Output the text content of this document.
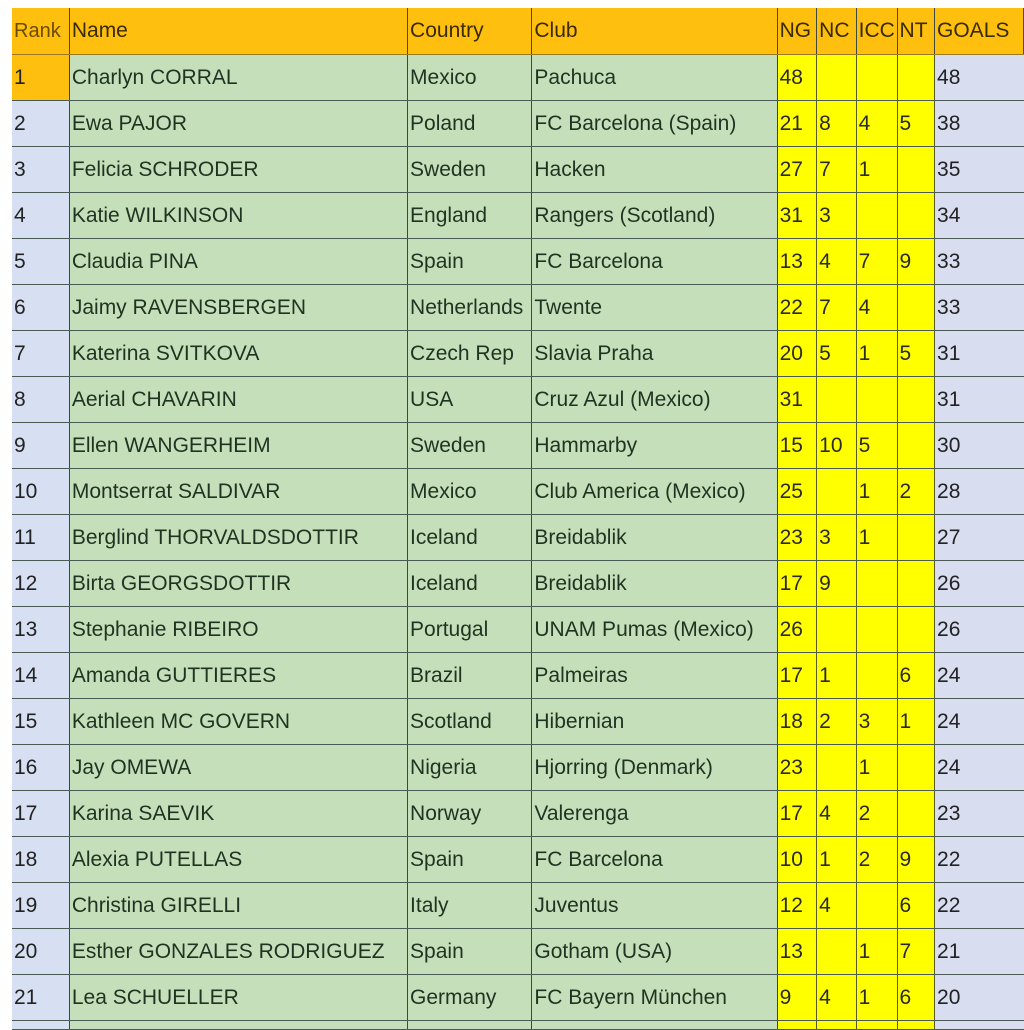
Rank	Name	Country	Club	NG	NC	ICC	NT	GOALS
1	Charlyn CORRAL	Mexico	Pachuca	48				48
2	Ewa PAJOR	Poland	FC Barcelona (Spain)	21	8	4	5	38
3	Felicia SCHRODER	Sweden	Hacken	27	7	1		35
4	Katie WILKINSON	England	Rangers (Scotland)	31	3			34
5	Claudia PINA	Spain	FC Barcelona	13	4	7	9	33
6	Jaimy RAVENSBERGEN	Netherlands	Twente	22	7	4		33
7	Katerina SVITKOVA	Czech Rep	Slavia Praha	20	5	1	5	31
8	Aerial CHAVARIN	USA	Cruz Azul (Mexico)	31				31
9	Ellen WANGERHEIM	Sweden	Hammarby	15	10	5		30
10	Montserrat SALDIVAR	Mexico	Club America (Mexico)	25		1	2	28
11	Berglind THORVALDSDOTTIR	Iceland	Breidablik	23	3	1		27
12	Birta GEORGSDOTTIR	Iceland	Breidablik	17	9			26
13	Stephanie RIBEIRO	Portugal	UNAM Pumas (Mexico)	26				26
14	Amanda GUTTIERES	Brazil	Palmeiras	17	1		6	24
15	Kathleen MC GOVERN	Scotland	Hibernian	18	2	3	1	24
16	Jay OMEWA	Nigeria	Hjorring (Denmark)	23		1		24
17	Karina SAEVIK	Norway	Valerenga	17	4	2		23
18	Alexia PUTELLAS	Spain	FC Barcelona	10	1	2	9	22
19	Christina GIRELLI	Italy	Juventus	12	4		6	22
20	Esther GONZALES RODRIGUEZ	Spain	Gotham (USA)	13		1	7	21
21	Lea SCHUELLER	Germany	FC Bayern München	9	4	1	6	20
